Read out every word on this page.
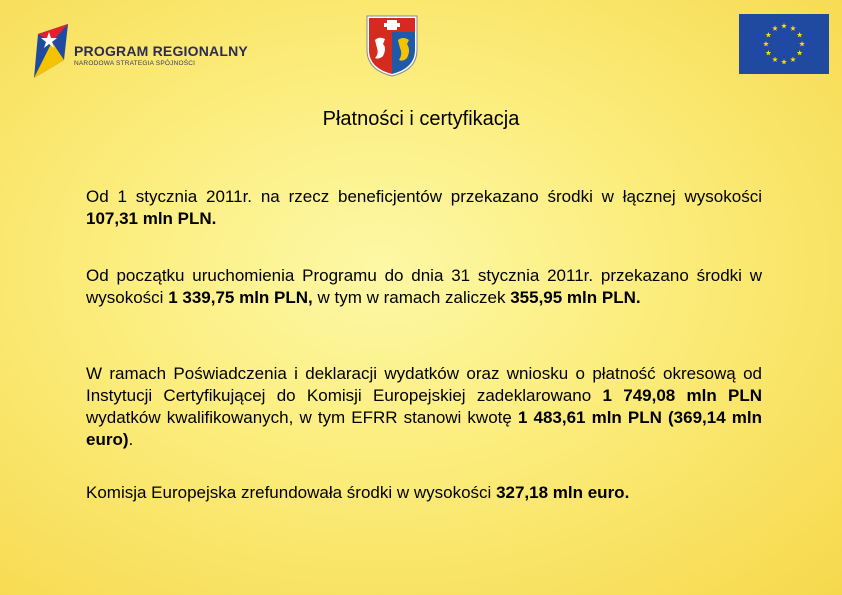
PROGRAM REGIONALNY
NARODOWA STRATEGIA SPÓJNOŚCI
Płatności i certyfikacja

Od 1 stycznia 2011r. na rzecz beneficjentów przekazano środki w łącznej wysokości 107,31 mln PLN.

Od początku uruchomienia Programu do dnia 31 stycznia 2011r. przekazano środki w wysokości 1 339,75 mln PLN, w tym w ramach zaliczek 355,95 mln PLN.

W ramach Poświadczenia i deklaracji wydatków oraz wniosku o płatność okresową od Instytucji Certyfikującej do Komisji Europejskiej zadeklarowano 1 749,08 mln PLN wydatków kwalifikowanych, w tym EFRR stanowi kwotę 1 483,61 mln PLN (369,14 mln euro).

Komisja Europejska zrefundowała środki w wysokości 327,18 mln euro.
